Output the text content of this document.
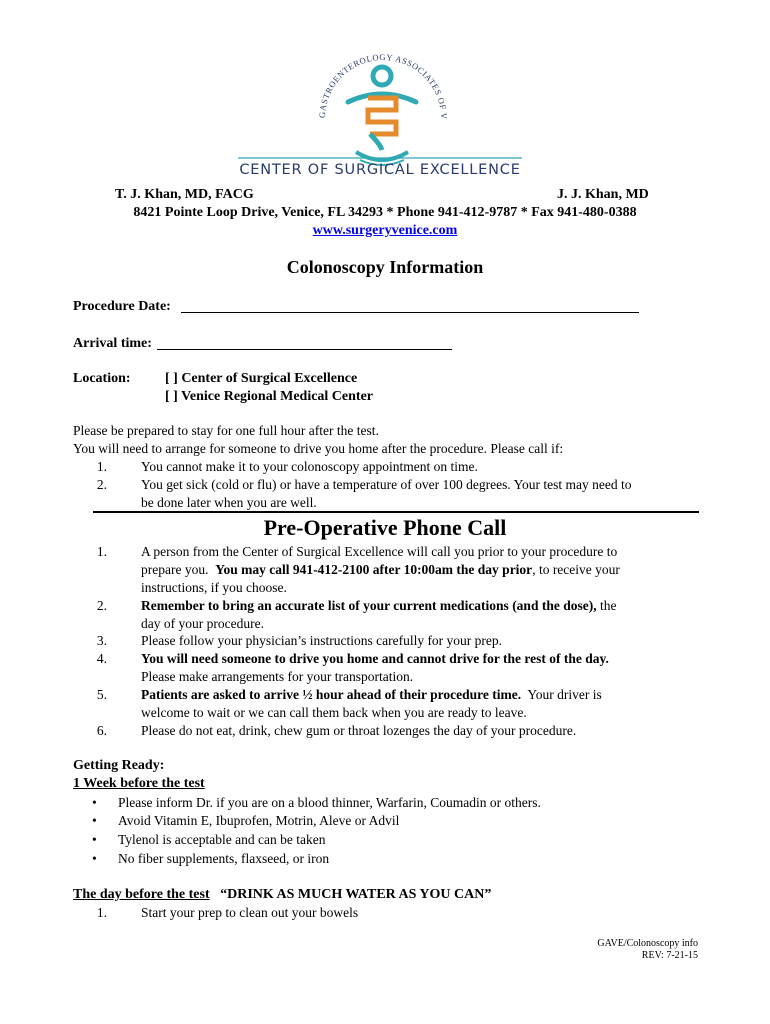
GASTROENTEROLOGY ASSOCIATES OF V
CENTER OF SURGICAL EXCELLENCE
T. J. Khan, MD, FACG	J. J. Khan, MD
8421 Pointe Loop Drive, Venice, FL 34293 * Phone 941-412-9787 * Fax 941-480-0388
www.surgeryvenice.com
Colonoscopy Information
Procedure Date:
Arrival time:
Location: [ ] Center of Surgical Excellence
[ ] Venice Regional Medical Center
Please be prepared to stay for one full hour after the test.
You will need to arrange for someone to drive you home after the procedure. Please call if:
1.	You cannot make it to your colonoscopy appointment on time.
2.	You get sick (cold or flu) or have a temperature of over 100 degrees. Your test may need to
be done later when you are well.
Pre-Operative Phone Call
1.	A person from the Center of Surgical Excellence will call you prior to your procedure to
prepare you.  You may call 941-412-2100 after 10:00am the day prior, to receive your
instructions, if you choose.
2.	Remember to bring an accurate list of your current medications (and the dose), the
day of your procedure.
3.	Please follow your physician’s instructions carefully for your prep.
4.	You will need someone to drive you home and cannot drive for the rest of the day.
Please make arrangements for your transportation.
5.	Patients are asked to arrive ½ hour ahead of their procedure time.  Your driver is
welcome to wait or we can call them back when you are ready to leave.
6.	Please do not eat, drink, chew gum or throat lozenges the day of your procedure.
Getting Ready:
1 Week before the test
• Please inform Dr. if you are on a blood thinner, Warfarin, Coumadin or others.
• Avoid Vitamin E, Ibuprofen, Motrin, Aleve or Advil
• Tylenol is acceptable and can be taken
• No fiber supplements, flaxseed, or iron
The day before the test “DRINK AS MUCH WATER AS YOU CAN”
1.	Start your prep to clean out your bowels
GAVE/Colonoscopy info
REV: 7-21-15
